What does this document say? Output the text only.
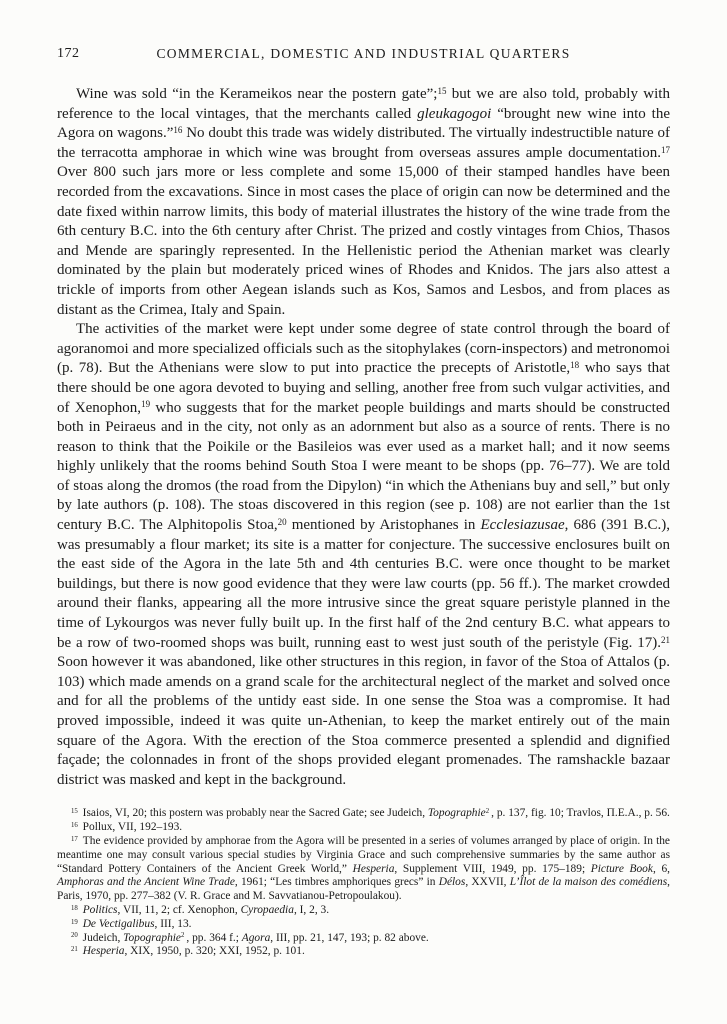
172	COMMERCIAL, DOMESTIC AND INDUSTRIAL QUARTERS

Wine was sold “in the Kerameikos near the postern gate”;$^{15}$ but we are also told, probably with reference to the local vintages, that the merchants called gleukagogoi “brought new wine into the Agora on wagons.”$^{16}$ No doubt this trade was widely distributed. The virtually indestructible nature of the terracotta amphorae in which wine was brought from overseas assures ample documentation.$^{17}$ Over 800 such jars more or less complete and some 15,000 of their stamped handles have been recorded from the excavations. Since in most cases the place of origin can now be determined and the date fixed within narrow limits, this body of material illustrates the history of the wine trade from the 6th century B.C. into the 6th century after Christ. The prized and costly vintages from Chios, Thasos and Mende are sparingly represented. In the Hellenistic period the Athenian market was clearly dominated by the plain but moderately priced wines of Rhodes and Knidos. The jars also attest a trickle of imports from other Aegean islands such as Kos, Samos and Lesbos, and from places as distant as the Crimea, Italy and Spain.

The activities of the market were kept under some degree of state control through the board of agoranomoi and more specialized officials such as the sitophylakes (corn-inspectors) and metronomoi (p. 78). But the Athenians were slow to put into practice the precepts of Aristotle,$^{18}$ who says that there should be one agora devoted to buying and selling, another free from such vulgar activities, and of Xenophon,$^{19}$ who suggests that for the market people buildings and marts should be constructed both in Peiraeus and in the city, not only as an adornment but also as a source of rents. There is no reason to think that the Poikile or the Basileios was ever used as a market hall; and it now seems highly unlikely that the rooms behind South Stoa I were meant to be shops (pp. 76–77). We are told of stoas along the dromos (the road from the Dipylon) “in which the Athenians buy and sell,” but only by late authors (p. 108). The stoas discovered in this region (see p. 108) are not earlier than the 1st century B.C. The Alphitopolis Stoa,$^{20}$ mentioned by Aristophanes in Ecclesiazusae, 686 (391 B.C.), was presumably a flour market; its site is a matter for conjecture. The successive enclosures built on the east side of the Agora in the late 5th and 4th centuries B.C. were once thought to be market buildings, but there is now good evidence that they were law courts (pp. 56 ff.). The market crowded around their flanks, appearing all the more intrusive since the great square peristyle planned in the time of Lykourgos was never fully built up. In the first half of the 2nd century B.C. what appears to be a row of two-roomed shops was built, running east to west just south of the peristyle (Fig. 17).$^{21}$ Soon however it was abandoned, like other structures in this region, in favor of the Stoa of Attalos (p. 103) which made amends on a grand scale for the architectural neglect of the market and solved once and for all the problems of the untidy east side. In one sense the Stoa was a compromise. It had proved impossible, indeed it was quite un-Athenian, to keep the market entirely out of the main square of the Agora. With the erection of the Stoa commerce presented a splendid and dignified façade; the colonnades in front of the shops provided elegant promenades. The ramshackle bazaar district was masked and kept in the background.

$^{15}$ Isaios, VI, 20; this postern was probably near the Sacred Gate; see Judeich, Topographie$^2$ , p. 137, fig. 10; Travlos, Π.Ε.Α., p. 56.

$^{16}$ Pollux, VII, 192–193.

$^{17}$ The evidence provided by amphorae from the Agora will be presented in a series of volumes arranged by place of origin. In the meantime one may consult various special studies by Virginia Grace and such comprehensive summaries by the same author as “Standard Pottery Containers of the Ancient Greek World,” Hesperia, Supplement VIII, 1949, pp. 175–189; Picture Book, 6, Amphoras and the Ancient Wine Trade, 1961; “Les timbres amphoriques grecs” in Délos, XXVII, L’Îlot de la maison des comédiens, Paris, 1970, pp. 277–382 (V. R. Grace and M. Savvatianou-Petropoulakou).

$^{18}$ Politics, VII, 11, 2; cf. Xenophon, Cyropaedia, I, 2, 3.

$^{19}$ De Vectigalibus, III, 13.

$^{20}$ Judeich, Topographie$^2$ , pp. 364 f.; Agora, III, pp. 21, 147, 193; p. 82 above.

$^{21}$ Hesperia, XIX, 1950, p. 320; XXI, 1952, p. 101.
